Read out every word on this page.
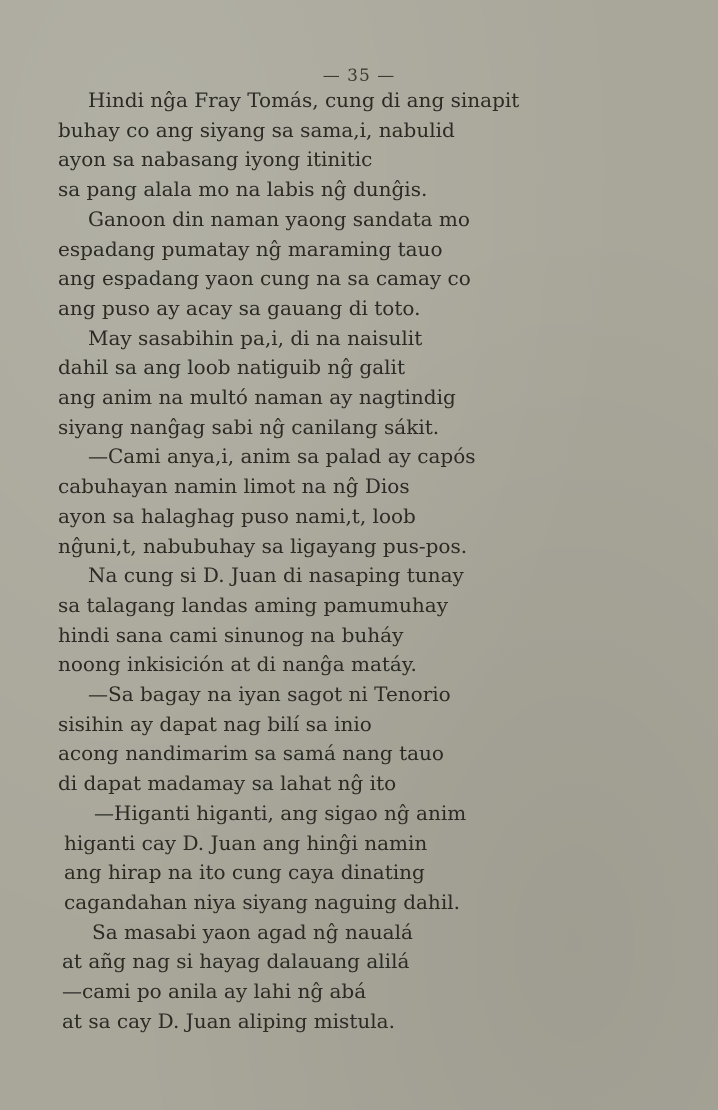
— 35 —
Hindi nĝa Fray Tomás, cung di ang sinapit
buhay co ang siyang sa sama,i, nabulid
ayon sa nabasang iyong itinitic
sa pang alala mo na labis nĝ dunĝis.
Ganoon din naman yaong sandata mo
espadang pumatay nĝ maraming tauo
ang espadang yaon cung na sa camay co
ang puso ay acay sa gauang di toto.
May sasabihin pa,i, di na naisulit
dahil sa ang loob natiguib nĝ galit
ang anim na multó naman ay nagtindig
siyang nanĝag sabi nĝ canilang sákit.
—Cami anya,i, anim sa palad ay capós
cabuhayan namin limot na nĝ Dios
ayon sa halaghag puso nami,t, loob
nĝuni,t, nabubuhay sa ligayang pus-pos.
Na cung si D. Juan di nasaping tunay
sa talagang landas aming pamumuhay
hindi sana cami sinunog na buháy
noong inkisición at di nanĝa matáy.
—Sa bagay na iyan sagot ni Tenorio
sisihin ay dapat nag bilí sa inio
acong nandimarim sa samá nang tauo
di dapat madamay sa lahat nĝ ito
—Higanti higanti, ang sigao nĝ anim
higanti cay D. Juan ang hinĝi namin
ang hirap na ito cung caya dinating
cagandahan niya siyang naguing dahil.
Sa masabi yaon agad nĝ naualá
at añg nag si hayag dalauang alilá
—cami po anila ay lahi nĝ abá
at sa cay D. Juan aliping mistula.
